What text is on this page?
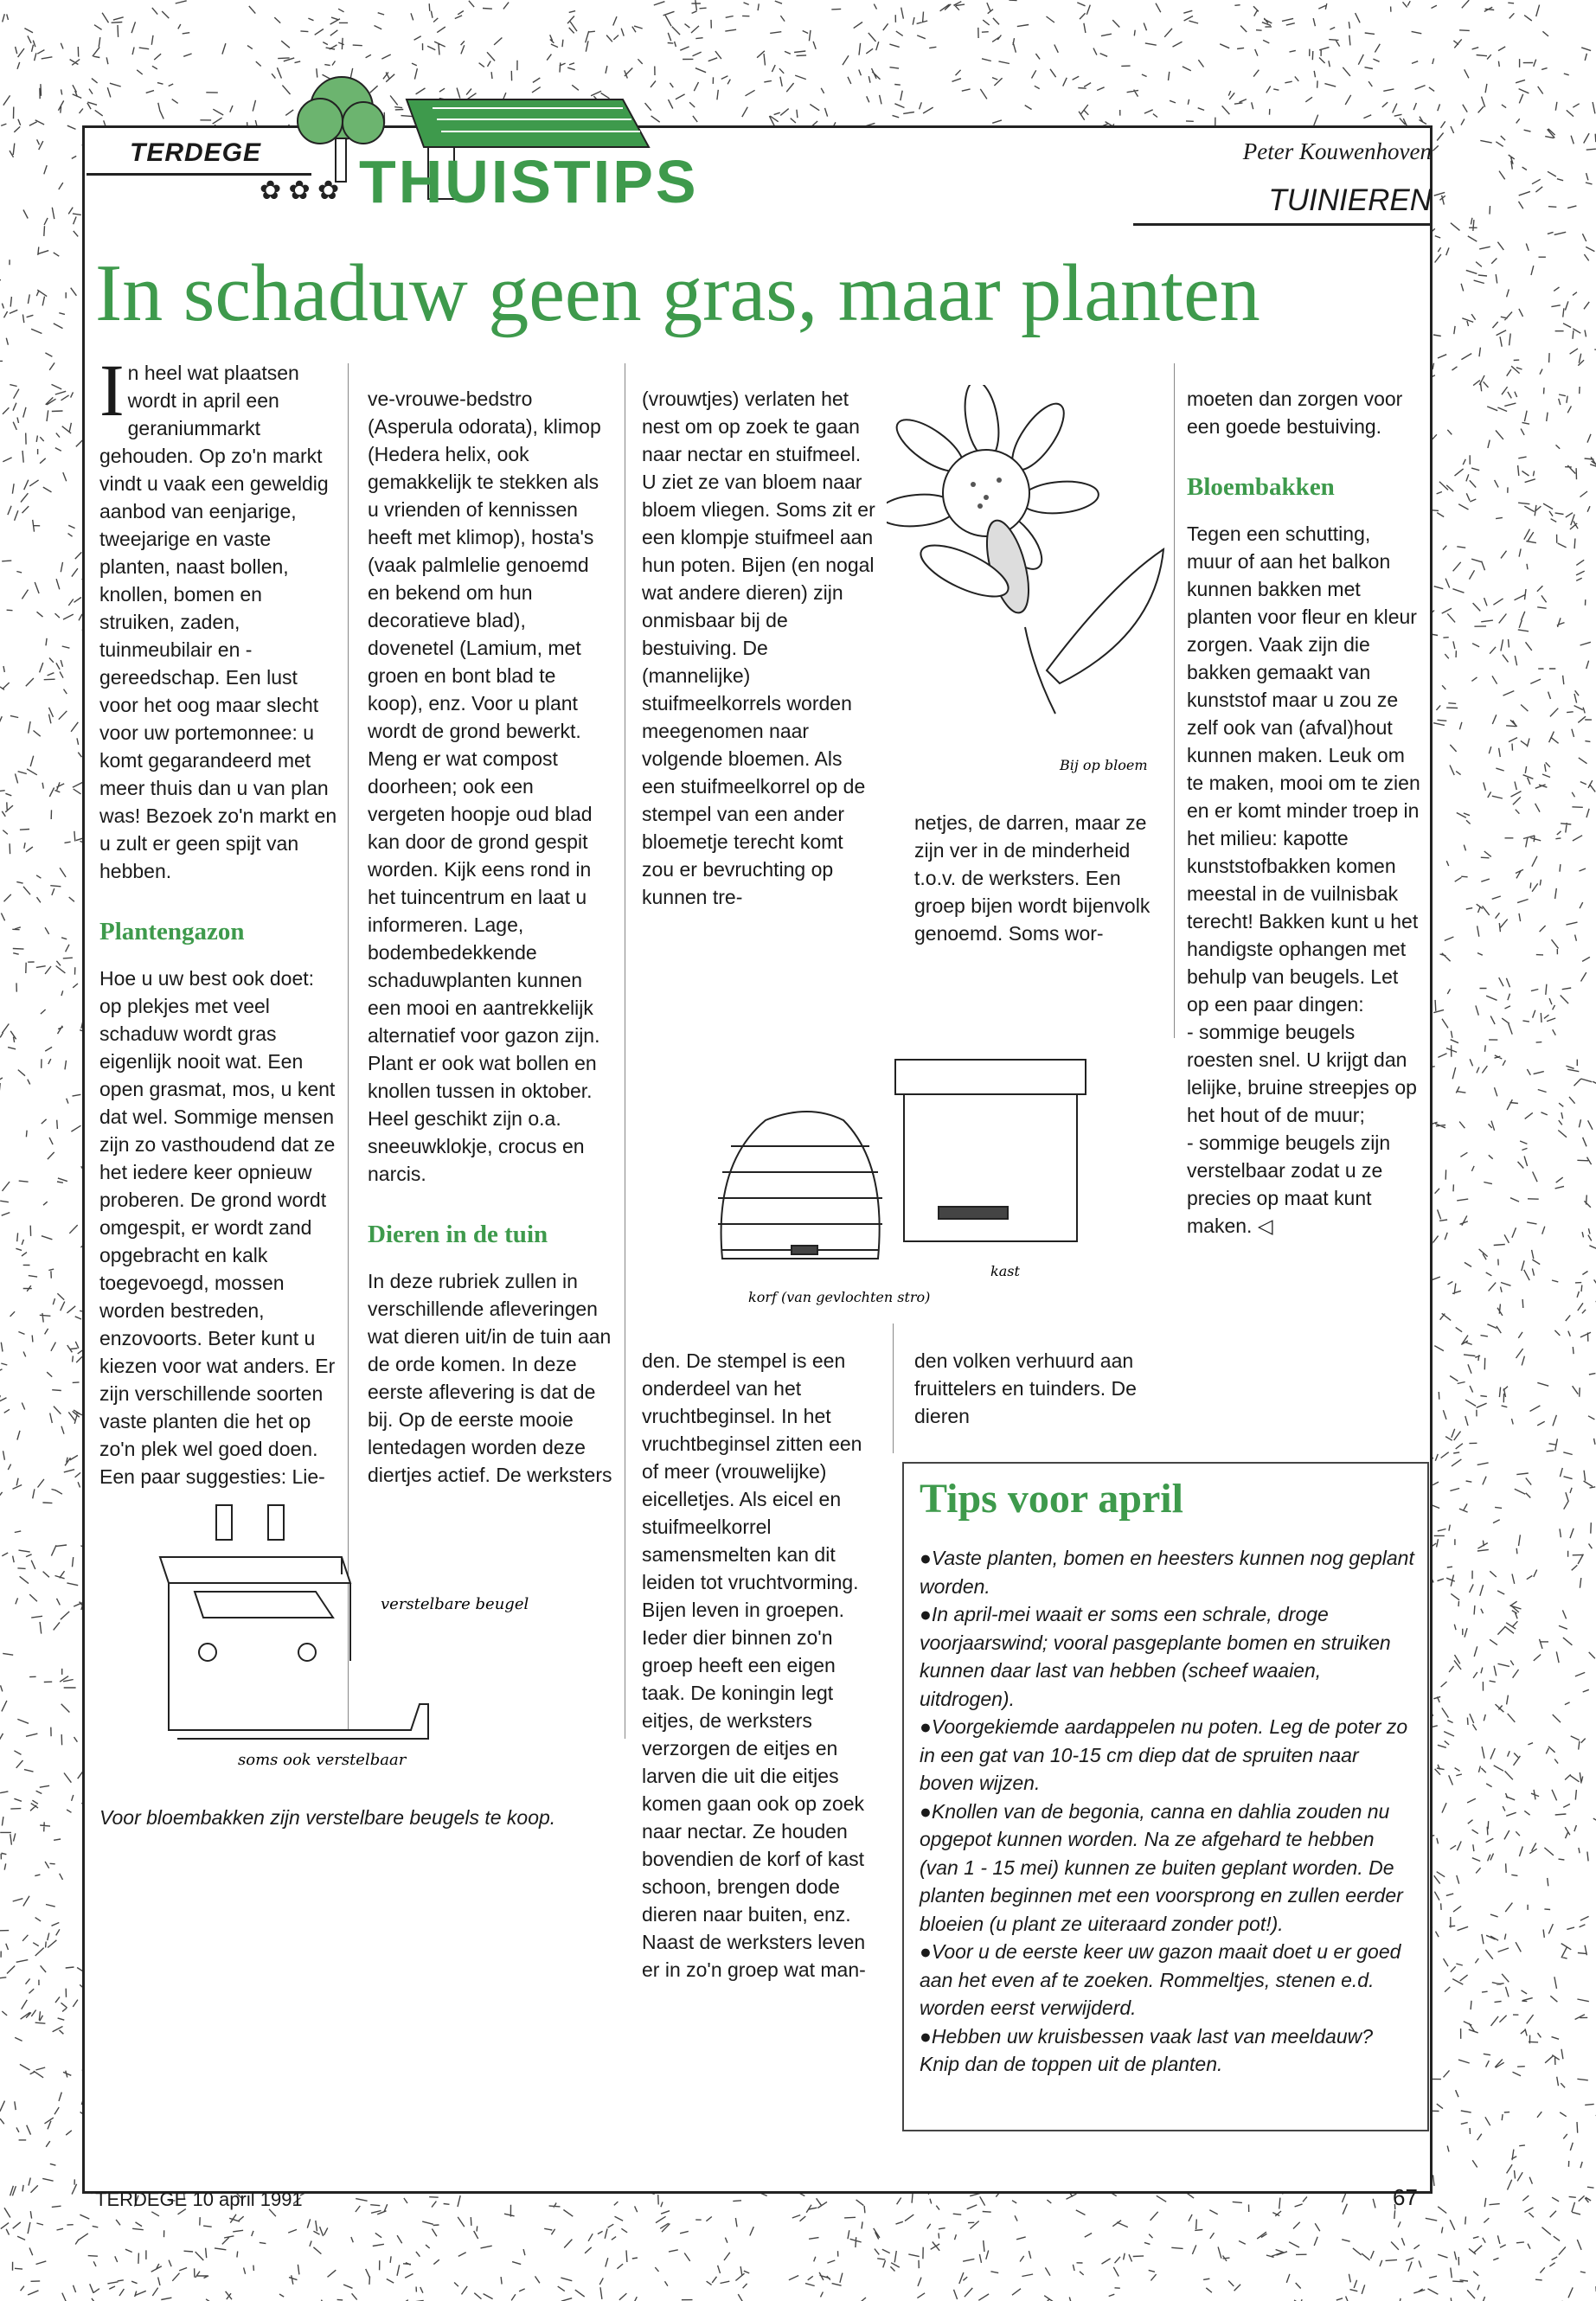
✿ ✿ ✿
TERDEGE THUISTIPS	Peter Kouwenhoven
TUINIEREN
In schaduw geen gras, maar planten

In heel wat plaatsen wordt in april een geraniummarkt gehouden. Op zo'n markt vindt u vaak een geweldig aanbod van eenjarige, tweejarige en vaste planten, naast bollen, knollen, bomen en struiken, zaden, tuinmeubilair en -gereedschap. Een lust voor het oog maar slecht voor uw portemonnee: u komt gegarandeerd met meer thuis dan u van plan was! Bezoek zo'n markt en u zult er geen spijt van hebben.

Plantengazon

Hoe u uw best ook doet: op plekjes met veel schaduw wordt gras eigenlijk nooit wat. Een open grasmat, mos, u kent dat wel. Sommige mensen zijn zo vasthoudend dat ze het iedere keer opnieuw proberen. De grond wordt omgespit, er wordt zand opgebracht en kalk toegevoegd, mossen worden bestreden, enzovoorts. Beter kunt u kiezen voor wat anders. Er zijn verschillende soorten vaste planten die het op zo'n plek wel goed doen. Een paar suggesties: Lie-

ve-vrouwe-bedstro (Asperula odorata), klimop (Hedera helix, ook gemakkelijk te stekken als u vrienden of kennissen heeft met klimop), hosta's (vaak palmlelie genoemd en bekend om hun decoratieve blad), dovenetel (Lamium, met groen en bont blad te koop), enz. Voor u plant wordt de grond bewerkt. Meng er wat compost doorheen; ook een vergeten hoopje oud blad kan door de grond gespit worden. Kijk eens rond in het tuincentrum en laat u informeren. Lage, bodembedekkende schaduwplanten kunnen een mooi en aantrekkelijk alternatief voor gazon zijn. Plant er ook wat bollen en knollen tussen in oktober. Heel geschikt zijn o.a. sneeuwklokje, crocus en narcis.

Dieren in de tuin

In deze rubriek zullen in verschillende afleveringen wat dieren uit/in de tuin aan de orde komen. In deze eerste aflevering is dat de bij. Op de eerste mooie lentedagen worden deze diertjes actief. De werksters

(vrouwtjes) verlaten het nest om op zoek te gaan naar nectar en stuifmeel. U ziet ze van bloem naar bloem vliegen. Soms zit er een klompje stuifmeel aan hun poten. Bijen (en nogal wat andere dieren) zijn onmisbaar bij de bestuiving. De (mannelijke) stuifmeelkorrels worden meegenomen naar volgende bloemen. Als een stuifmeelkorrel op de stempel van een ander bloemetje terecht komt zou er bevruchting op kunnen tre-

den. De stempel is een onderdeel van het vruchtbeginsel. In het vruchtbeginsel zitten een of meer (vrouwelijke) eicelletjes. Als eicel en stuifmeelkorrel samensmelten kan dit leiden tot vruchtvorming. Bijen leven in groepen. Ieder dier binnen zo'n groep heeft een eigen taak. De koningin legt eitjes, de werksters verzorgen de eitjes en larven die uit die eitjes komen gaan ook op zoek naar nectar. Ze houden bovendien de korf of kast schoon, brengen dode dieren naar buiten, enz. Naast de werksters leven er in zo'n groep wat man-

netjes, de darren, maar ze zijn ver in de minderheid t.o.v. de werksters. Een groep bijen wordt bijenvolk genoemd. Soms wor-

den volken verhuurd aan fruittelers en tuinders. De dieren

moeten dan zorgen voor een goede bestuiving.

Bloembakken

Tegen een schutting, muur of aan het balkon kunnen bakken met planten voor fleur en kleur zorgen. Vaak zijn die bakken gemaakt van kunststof maar u zou ze zelf ook van (afval)hout kunnen maken. Leuk om te maken, mooi om te zien en er komt minder troep in het milieu: kapotte kunststofbakken komen meestal in de vuilnisbak terecht! Bakken kunt u het handigste ophangen met behulp van beugels. Let op een paar dingen:

- sommige beugels roesten snel. U krijgt dan lelijke, bruine streepjes op het hout of de muur;

- sommige beugels zijn verstelbaar zodat u ze precies op maat kunt maken. ◁

Bij op bloem
korf (van gevlochten stro)
kast
verstelbare beugel
soms ook verstelbaar
Voor bloembakken zijn verstelbare beugels te koop.
Tips voor april

●Vaste planten, bomen en heesters kunnen nog geplant worden.

●In april-mei waait er soms een schrale, droge voorjaarswind; vooral pasgeplante bomen en struiken kunnen daar last van hebben (scheef waaien, uitdrogen).

●Voorgekiemde aardappelen nu poten. Leg de poter zo in een gat van 10-15 cm diep dat de spruiten naar boven wijzen.

●Knollen van de begonia, canna en dahlia zouden nu opgepot kunnen worden. Na ze afgehard te hebben (van 1 - 15 mei) kunnen ze buiten geplant worden. De planten beginnen met een voorsprong en zullen eerder bloeien (u plant ze uiteraard zonder pot!).

●Voor u de eerste keer uw gazon maait doet u er goed aan het even af te zoeken. Rommeltjes, stenen e.d. worden eerst verwijderd.

●Hebben uw kruisbessen vaak last van meeldauw? Knip dan de toppen uit de planten.

TERDEGE 10 april 1991	67
